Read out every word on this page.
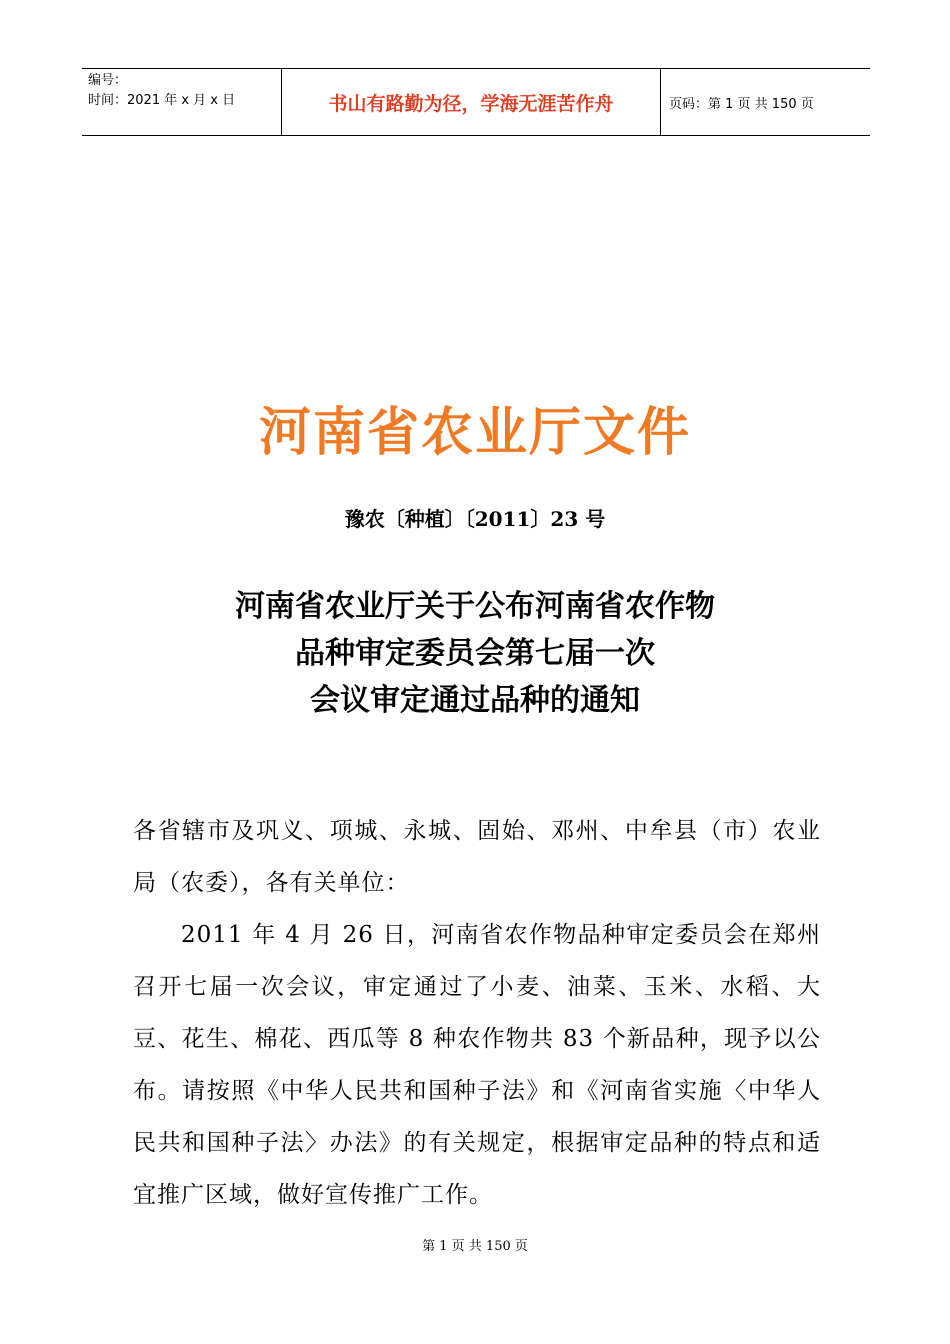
编号：
时间：2021 年 x 月 x 日	书山有路勤为径，学海无涯苦作舟	页码：第 1 页 共 150 页
河南省农业厅文件
豫农〔种植〕〔2011〕23 号
河南省农业厅关于公布河南省农作物
品种审定委员会第七届一次
会议审定通过品种的通知

各省辖市及巩义、项城、永城、固始、邓州、中牟县（市）农业局（农委），各有关单位：

2011 年 4 月 26 日，河南省农作物品种审定委员会在郑州召开七届一次会议，审定通过了小麦、油菜、玉米、水稻、大豆、花生、棉花、西瓜等 8 种农作物共 83 个新品种，现予以公布。请按照《中华人民共和国种子法》和《河南省实施〈中华人民共和国种子法〉办法》的有关规定，根据审定品种的特点和适宜推广区域，做好宣传推广工作。

第 1 页 共 150 页
